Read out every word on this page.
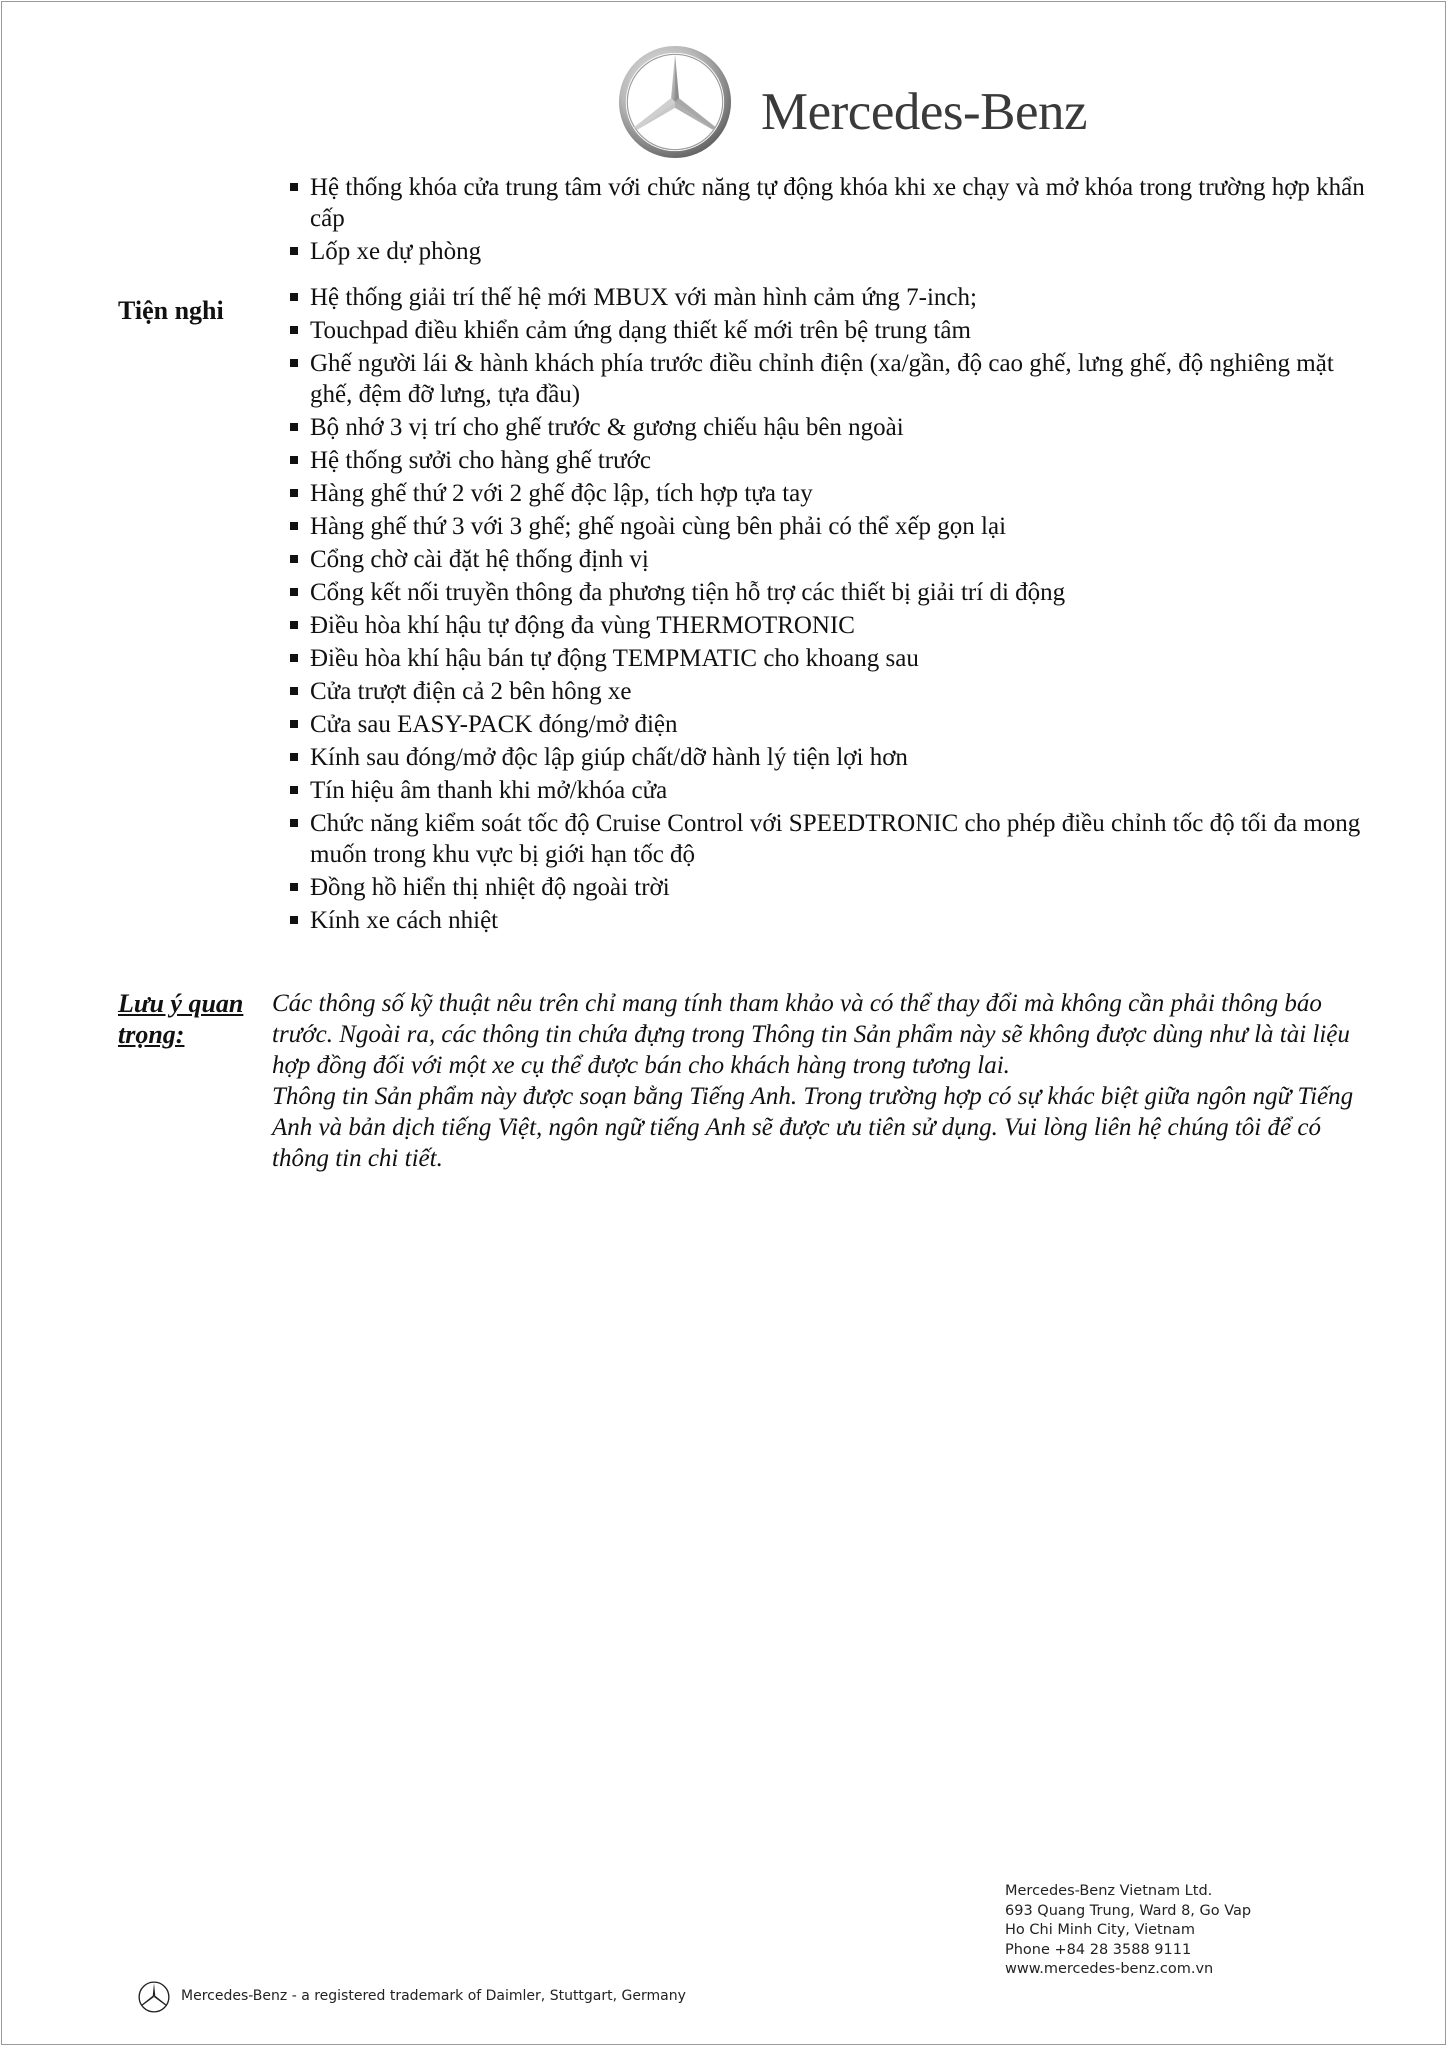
Mercedes-Benz
Hệ thống khóa cửa trung tâm với chức năng tự động khóa khi xe chạy và mở khóa trong trường hợp khẩn cấp
Lốp xe dự phòng
Tiện nghi	Hệ thống giải trí thế hệ mới MBUX với màn hình cảm ứng 7-inch;
Touchpad điều khiển cảm ứng dạng thiết kế mới trên bệ trung tâm
Ghế người lái & hành khách phía trước điều chỉnh điện (xa/gần, độ cao ghế, lưng ghế, độ nghiêng mặt ghế, đệm đỡ lưng, tựa đầu)
Bộ nhớ 3 vị trí cho ghế trước & gương chiếu hậu bên ngoài
Hệ thống sưởi cho hàng ghế trước
Hàng ghế thứ 2 với 2 ghế độc lập, tích hợp tựa tay
Hàng ghế thứ 3 với 3 ghế; ghế ngoài cùng bên phải có thể xếp gọn lại
Cổng chờ cài đặt hệ thống định vị
Cổng kết nối truyền thông đa phương tiện hỗ trợ các thiết bị giải trí di động
Điều hòa khí hậu tự động đa vùng THERMOTRONIC
Điều hòa khí hậu bán tự động TEMPMATIC cho khoang sau
Cửa trượt điện cả 2 bên hông xe
Cửa sau EASY-PACK đóng/mở điện
Kính sau đóng/mở độc lập giúp chất/dỡ hành lý tiện lợi hơn
Tín hiệu âm thanh khi mở/khóa cửa
Chức năng kiểm soát tốc độ Cruise Control với SPEEDTRONIC cho phép điều chỉnh tốc độ tối đa mong muốn trong khu vực bị giới hạn tốc độ
Đồng hồ hiển thị nhiệt độ ngoài trời
Kính xe cách nhiệt
Lưu ý quan trọng:

Các thông số kỹ thuật nêu trên chỉ mang tính tham khảo và có thể thay đổi mà không cần phải thông báo trước. Ngoài ra, các thông tin chứa đựng trong Thông tin Sản phẩm này sẽ không được dùng như là tài liệu hợp đồng đối với một xe cụ thể được bán cho khách hàng trong tương lai.

Thông tin Sản phẩm này được soạn bằng Tiếng Anh. Trong trường hợp có sự khác biệt giữa ngôn ngữ Tiếng Anh và bản dịch tiếng Việt, ngôn ngữ tiếng Anh sẽ được ưu tiên sử dụng. Vui lòng liên hệ chúng tôi để có thông tin chi tiết.

Mercedes-Benz Vietnam Ltd.
693 Quang Trung, Ward 8, Go Vap
Ho Chi Minh City, Vietnam
Phone +84 28 3588 9111
www.mercedes-benz.com.vn
Mercedes-Benz - a registered trademark of Daimler, Stuttgart, Germany
